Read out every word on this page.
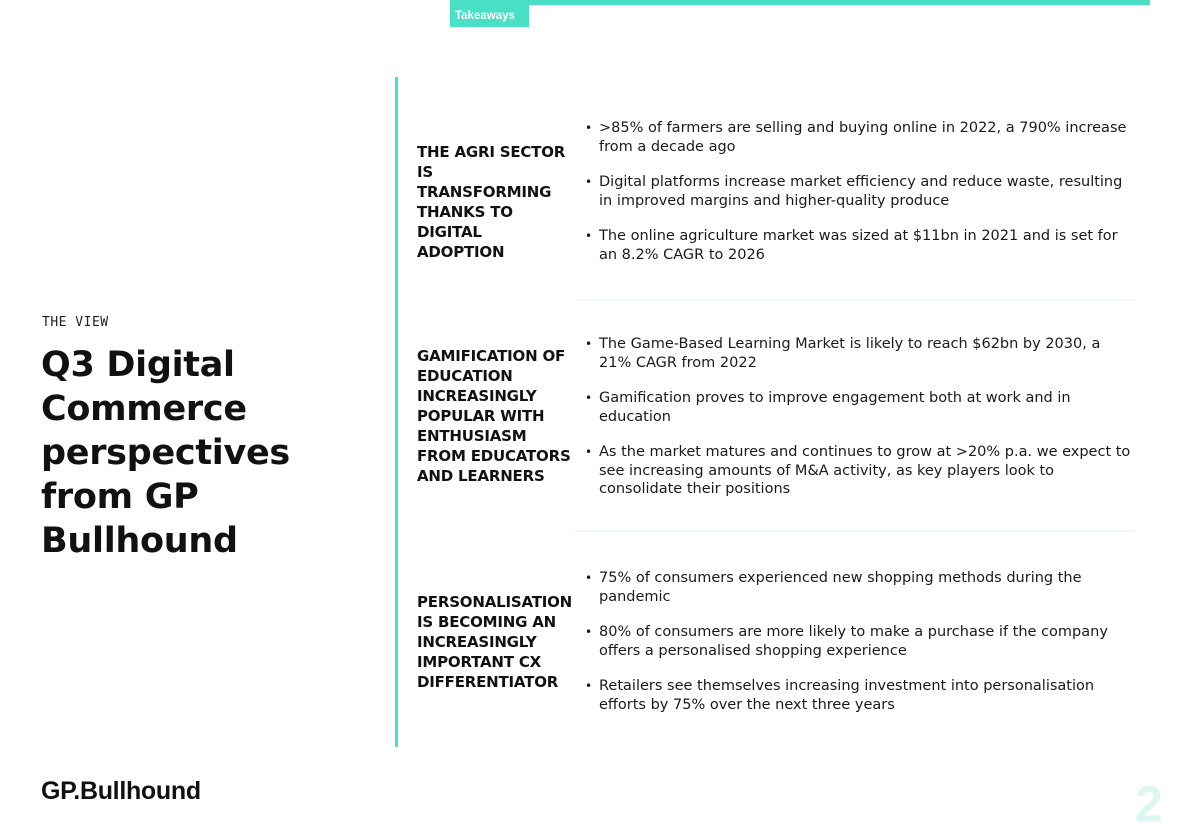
Takeaways
THE VIEW
Q3 Digital Commerce perspectives from GP Bullhound
THE AGRI SECTOR IS TRANSFORMING THANKS TO DIGITAL ADOPTION
• >85% of farmers are selling and buying online in 2022, a 790% increase from a decade ago
• Digital platforms increase market efficiency and reduce waste, resulting in improved margins and higher-quality produce
• The online agriculture market was sized at $11bn in 2021 and is set for an 8.2% CAGR to 2026
GAMIFICATION OF EDUCATION INCREASINGLY POPULAR WITH ENTHUSIASM FROM EDUCATORS AND LEARNERS
• The Game-Based Learning Market is likely to reach $62bn by 2030, a 21% CAGR from 2022
• Gamification proves to improve engagement both at work and in education
• As the market matures and continues to grow at >20% p.a. we expect to see increasing amounts of M&A activity, as key players look to consolidate their positions
PERSONALISATION IS BECOMING AN INCREASINGLY IMPORTANT CX DIFFERENTIATOR
• 75% of consumers experienced new shopping methods during the pandemic
• 80% of consumers are more likely to make a purchase if the company offers a personalised shopping experience
• Retailers see themselves increasing investment into personalisation efforts by 75% over the next three years
GP.Bullhound	2
